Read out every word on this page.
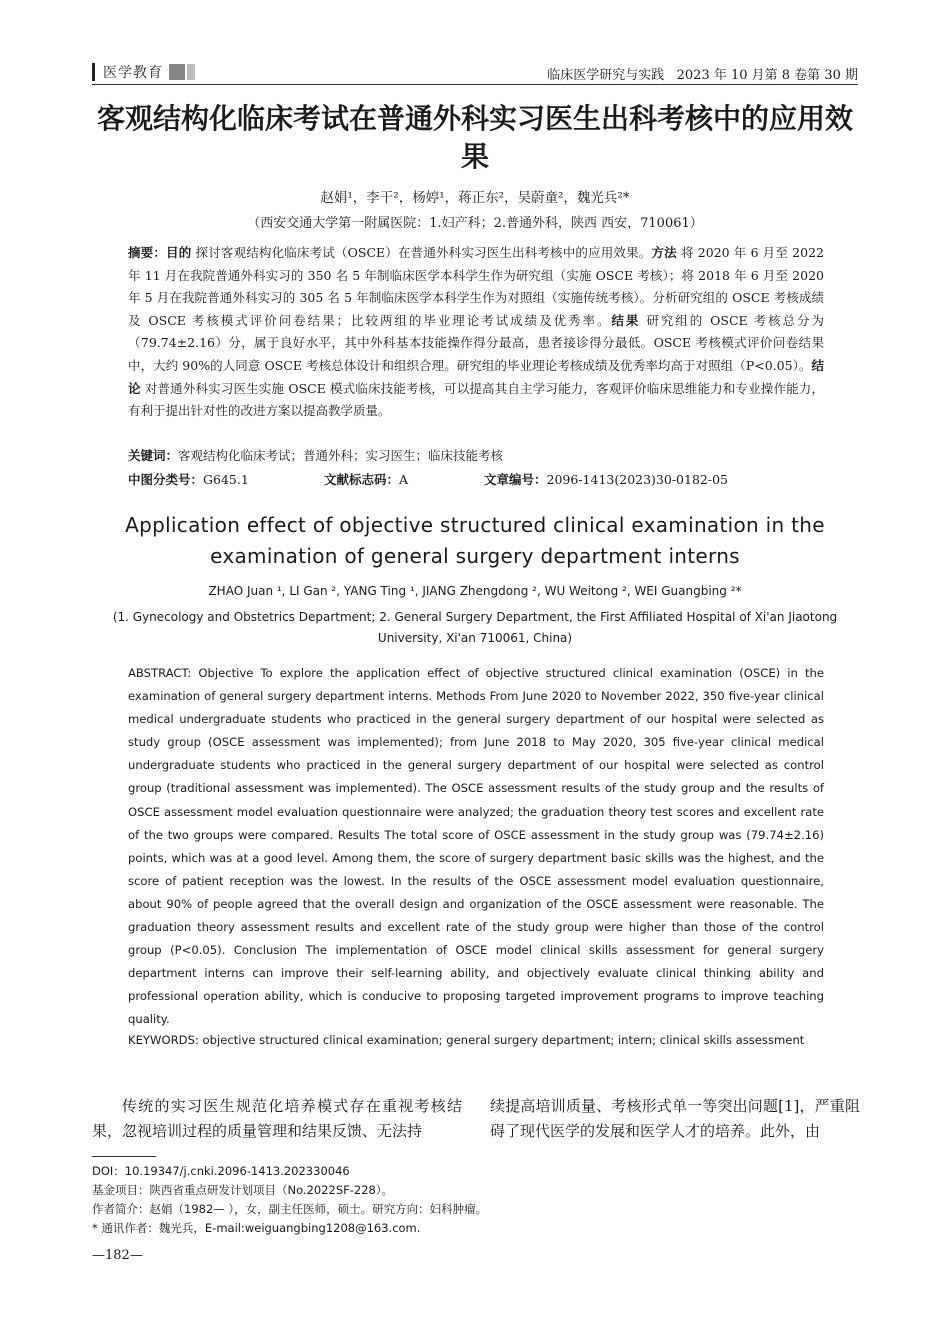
医学教育	临床医学研究与实践 2023 年 10 月第 8 卷第 30 期
客观结构化临床考试在普通外科实习医生出科考核中的应用效果
赵娟¹，李干²，杨婷¹，蒋正东²，吴蔚童²，魏光兵²*
（西安交通大学第一附属医院：1.妇产科；2.普通外科，陕西 西安，710061）
摘要：目的 探讨客观结构化临床考试（OSCE）在普通外科实习医生出科考核中的应用效果。方法 将 2020 年 6 月至 2022 年 11 月在我院普通外科实习的 350 名 5 年制临床医学本科学生作为研究组（实施 OSCE 考核）；将 2018 年 6 月至 2020 年 5 月在我院普通外科实习的 305 名 5 年制临床医学本科学生作为对照组（实施传统考核）。分析研究组的 OSCE 考核成绩及 OSCE 考核模式评价问卷结果；比较两组的毕业理论考试成绩及优秀率。结果 研究组的 OSCE 考核总分为（79.74±2.16）分，属于良好水平，其中外科基本技能操作得分最高，患者接诊得分最低。OSCE 考核模式评价问卷结果中，大约 90%的人同意 OSCE 考核总体设计和组织合理。研究组的毕业理论考核成绩及优秀率均高于对照组（P<0.05）。结论 对普通外科实习医生实施 OSCE 模式临床技能考核，可以提高其自主学习能力，客观评价临床思维能力和专业操作能力，有利于提出针对性的改进方案以提高教学质量。
关键词：客观结构化临床考试；普通外科；实习医生；临床技能考核
中图分类号：G645.1	文献标志码：A	文章编号：2096-1413(2023)30-0182-05
Application effect of objective structured clinical examination in the examination of general surgery department interns
ZHAO Juan ¹, LI Gan ², YANG Ting ¹, JIANG Zhengdong ², WU Weitong ², WEI Guangbing ²*
(1. Gynecology and Obstetrics Department; 2. General Surgery Department, the First Affiliated Hospital of Xi'an Jiaotong University, Xi'an 710061, China)
ABSTRACT: Objective To explore the application effect of objective structured clinical examination (OSCE) in the examination of general surgery department interns. Methods From June 2020 to November 2022, 350 five-year clinical medical undergraduate students who practiced in the general surgery department of our hospital were selected as study group (OSCE assessment was implemented); from June 2018 to May 2020, 305 five-year clinical medical undergraduate students who practiced in the general surgery department of our hospital were selected as control group (traditional assessment was implemented). The OSCE assessment results of the study group and the results of OSCE assessment model evaluation questionnaire were analyzed; the graduation theory test scores and excellent rate of the two groups were compared. Results The total score of OSCE assessment in the study group was (79.74±2.16) points, which was at a good level. Among them, the score of surgery department basic skills was the highest, and the score of patient reception was the lowest. In the results of the OSCE assessment model evaluation questionnaire, about 90% of people agreed that the overall design and organization of the OSCE assessment were reasonable. The graduation theory assessment results and excellent rate of the study group were higher than those of the control group (P<0.05). Conclusion The implementation of OSCE model clinical skills assessment for general surgery department interns can improve their self-learning ability, and objectively evaluate clinical thinking ability and professional operation ability, which is conducive to proposing targeted improvement programs to improve teaching quality.
KEYWORDS: objective structured clinical examination; general surgery department; intern; clinical skills assessment
传统的实习医生规范化培养模式存在重视考核结果，忽视培训过程的质量管理和结果反馈、无法持
续提高培训质量、考核形式单一等突出问题[1]，严重阻碍了现代医学的发展和医学人才的培养。此外，由
DOI：10.19347/j.cnki.2096-1413.202330046
基金项目：陕西省重点研发计划项目（No.2022SF-228）。
作者简介：赵娟（1982— ），女，副主任医师，硕士。研究方向：妇科肿瘤。
* 通讯作者：魏光兵，E-mail:weiguangbing1208@163.com.
—182—
